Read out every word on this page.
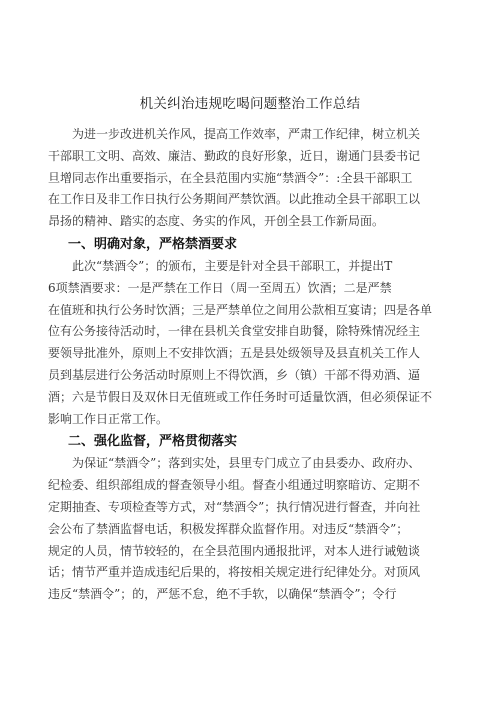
机关纠治违规吃喝问题整治工作总结

　　为进一步改进机关作风，提高工作效率，严肃工作纪律，树立机关
干部职工文明、高效、廉洁、勤政的良好形象，近日，谢通门县委书记
旦增同志作出重要指示，在全县范围内实施“禁酒令”：:全县干部职工
在工作日及非工作日执行公务期间严禁饮酒。以此推动全县干部职工以
昂扬的精神、踏实的态度、务实的作风，开创全县工作新局面。

一、明确对象，严格禁酒要求

　　此次“禁酒令”；的颁布，主要是针对全县干部职工，并提出T
6项禁酒要求：一是严禁在工作日（周一至周五）饮酒；二是严禁
在值班和执行公务时饮酒；三是严禁单位之间用公款相互宴请；四是各单
位有公务接待活动时，一律在县机关食堂安排自助餐，除特殊情况经主
要领导批准外，原则上不安排饮酒；五是县处级领导及县直机关工作人
员到基层进行公务活动时原则上不得饮酒，乡（镇）干部不得劝酒、逼
酒；六是节假日及双休日无值班或工作任务时可适量饮酒，但必须保证不
影响工作日正常工作。

二、强化监督，严格贯彻落实

　　为保证“禁酒令”；落到实处，县里专门成立了由县委办、政府办、
纪检委、组织部组成的督查领导小组。督查小组通过明察暗访、定期不
定期抽查、专项检查等方式，对“禁酒令”；执行情况进行督查，并向社
会公布了禁酒监督电话，积极发挥群众监督作用。对违反“禁酒令”；
规定的人员，情节较轻的，在全县范围内通报批评，对本人进行诫勉谈
话；情节严重并造成违纪后果的，将按相关规定进行纪律处分。对顶风
违反“禁酒令”；的，严惩不怠，绝不手软，以确保“禁酒令”；令行
